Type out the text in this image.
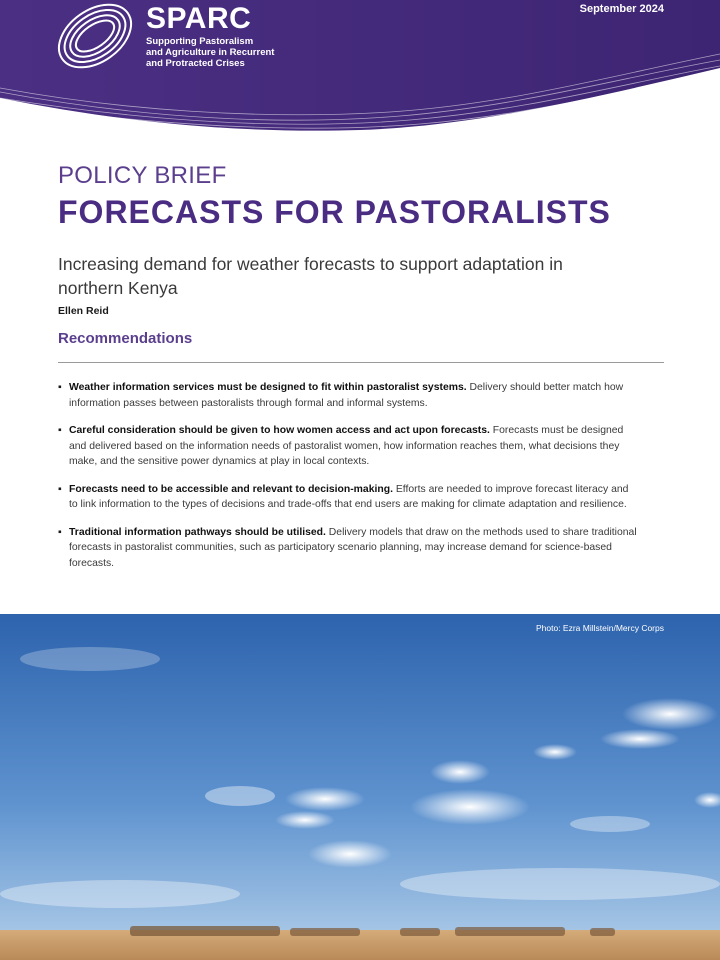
SPARC
Supporting Pastoralism
and Agriculture in Recurrent
and Protracted Crises
September 2024
POLICY BRIEF
FORECASTS FOR PASTORALISTS
Increasing demand for weather forecasts to support adaptation in northern Kenya
Ellen Reid
Recommendations
▪ Weather information services must be designed to fit within pastoralist systems. Delivery should better match how information passes between pastoralists through formal and informal systems.
▪ Careful consideration should be given to how women access and act upon forecasts. Forecasts must be designed and delivered based on the information needs of pastoralist women, how information reaches them, what decisions they make, and the sensitive power dynamics at play in local contexts.
▪ Forecasts need to be accessible and relevant to decision-making. Efforts are needed to improve forecast literacy and to link information to the types of decisions and trade-offs that end users are making for climate adaptation and resilience.
▪ Traditional information pathways should be utilised. Delivery models that draw on the methods used to share traditional forecasts in pastoralist communities, such as participatory scenario planning, may increase demand for science-based forecasts.
Photo: Ezra Millstein/Mercy Corps
